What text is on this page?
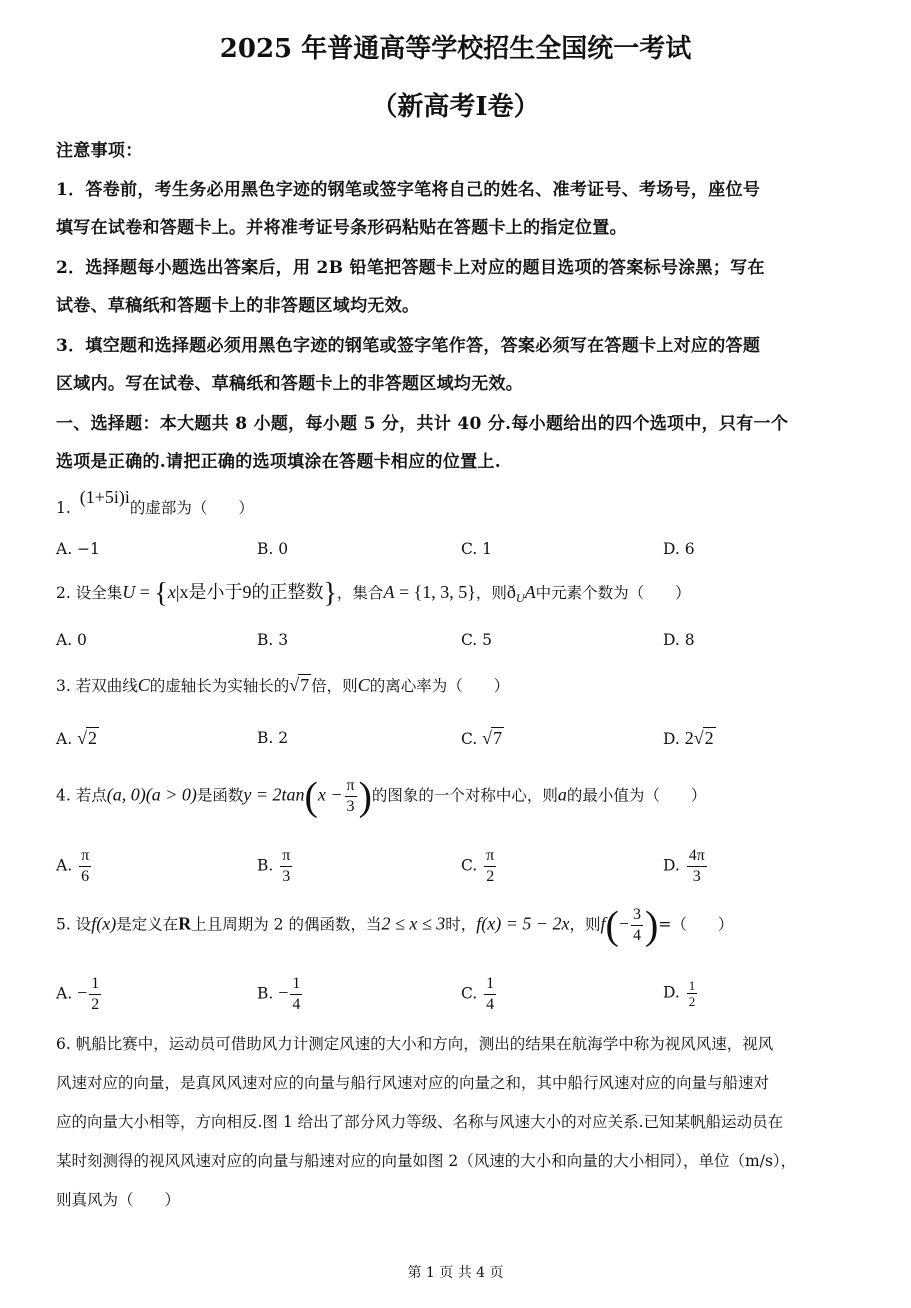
2025 年普通高等学校招生全国统一考试
（新高考Ⅰ卷）
注意事项：
1．答卷前，考生务必用黑色字迹的钢笔或签字笔将自己的姓名、准考证号、考场号，座位号
填写在试卷和答题卡上。并将准考证号条形码粘贴在答题卡上的指定位置。
2．选择题每小题选出答案后，用 2B 铅笔把答题卡上对应的题目选项的答案标号涂黑；写在
试卷、草稿纸和答题卡上的非答题区域均无效。
3．填空题和选择题必须用黑色字迹的钢笔或签字笔作答，答案必须写在答题卡上对应的答题
区域内。写在试卷、草稿纸和答题卡上的非答题区域均无效。
一、选择题：本大题共 8 小题，每小题 5 分，共计 40 分.每小题给出的四个选项中，只有一个
选项是正确的.请把正确的选项填涂在答题卡相应的位置上.
1. (1+5i)i的虚部为（　　）
A. −1	B. 0	C. 1	D. 6
2. 设全集U = {x|x是小于9的正整数}，集合A = {1, 3, 5}，则$ð_UA$中元素个数为（　　）
A. 0	B. 3	C. 5	D. 8
3. 若双曲线C的虚轴长为实轴长的√7 倍，则C的离心率为（　　）
A. √2	B. 2	C. √7	D. 2√2
4. 若点(a, 0)(a > 0)是函数$y = 2\tan(x - \frac{\pi}{3}$ )的图象的一个对称中心，则a的最小值为（　　）
A. $\frac{\pi}{6}$	B. $\frac{\pi}{3}$	C. $\frac{\pi}{2}$	D. $\frac{4\pi}{3}$
5. 设f(x)是定义在R上且周期为 2 的偶函数，当2 ≤ x ≤ 3时，f(x) = 5 − 2x，则$f(- \frac{3}{4}$ )=（　　）
A. − $\frac{1}{2}$	B. − $\frac{1}{4}$	C. $\frac{1}{4}$	D. $\frac{1}{2}$
6. 帆船比赛中，运动员可借助风力计测定风速的大小和方向，测出的结果在航海学中称为视风风速，视风
风速对应的向量，是真风风速对应的向量与船行风速对应的向量之和，其中船行风速对应的向量与船速对
应的向量大小相等，方向相反.图 1 给出了部分风力等级、名称与风速大小的对应关系.已知某帆船运动员在
某时刻测得的视风风速对应的向量与船速对应的向量如图 2（风速的大小和向量的大小相同），单位（m/s），
则真风为（　　）
第 1 页 共 4 页
